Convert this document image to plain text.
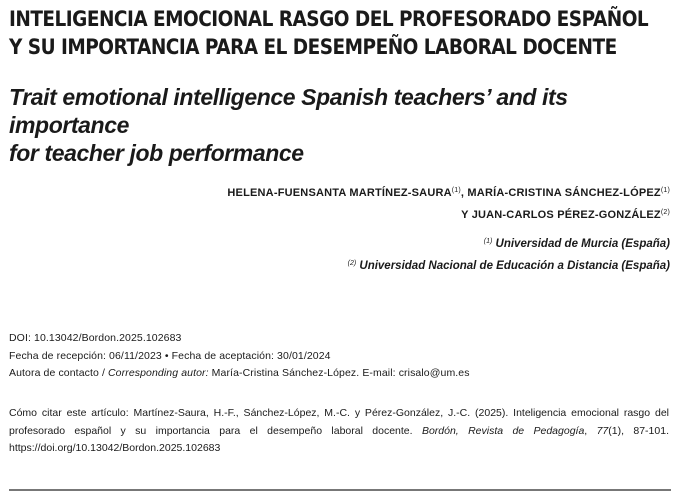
INTELIGENCIA EMOCIONAL RASGO DEL PROFESORADO ESPAÑOL
Y SU IMPORTANCIA PARA EL DESEMPEÑO LABORAL DOCENTE
Trait emotional intelligence Spanish teachers’ and its importance
for teacher job performance
HELENA-FUENSANTA MARTÍNEZ-SAURA$^{(1)}$, MARÍA-CRISTINA SÁNCHEZ-LÓPEZ$^{(1)}$
Y JUAN-CARLOS PÉREZ-GONZÁLEZ$^{(2)}$
$^{(1)}$ Universidad de Murcia (España)
$^{(2)}$ Universidad Nacional de Educación a Distancia (España)
DOI: 10.13042/Bordon.2025.102683
Fecha de recepción: 06/11/2023 • Fecha de aceptación: 30/01/2024
Autora de contacto / Corresponding autor: María-Cristina Sánchez-López. E-mail: crisalo@um.es
Cómo citar este artículo: Martínez-Saura, H.-F., Sánchez-López, M.-C. y Pérez-González, J.-C. (2025). Inteligencia emocional rasgo del profesorado español y su importancia para el desempeño laboral docente. Bordón, Revista de Pedagogía, 77(1), 87-101. https://doi.org/10.13042/Bordon.2025.102683
